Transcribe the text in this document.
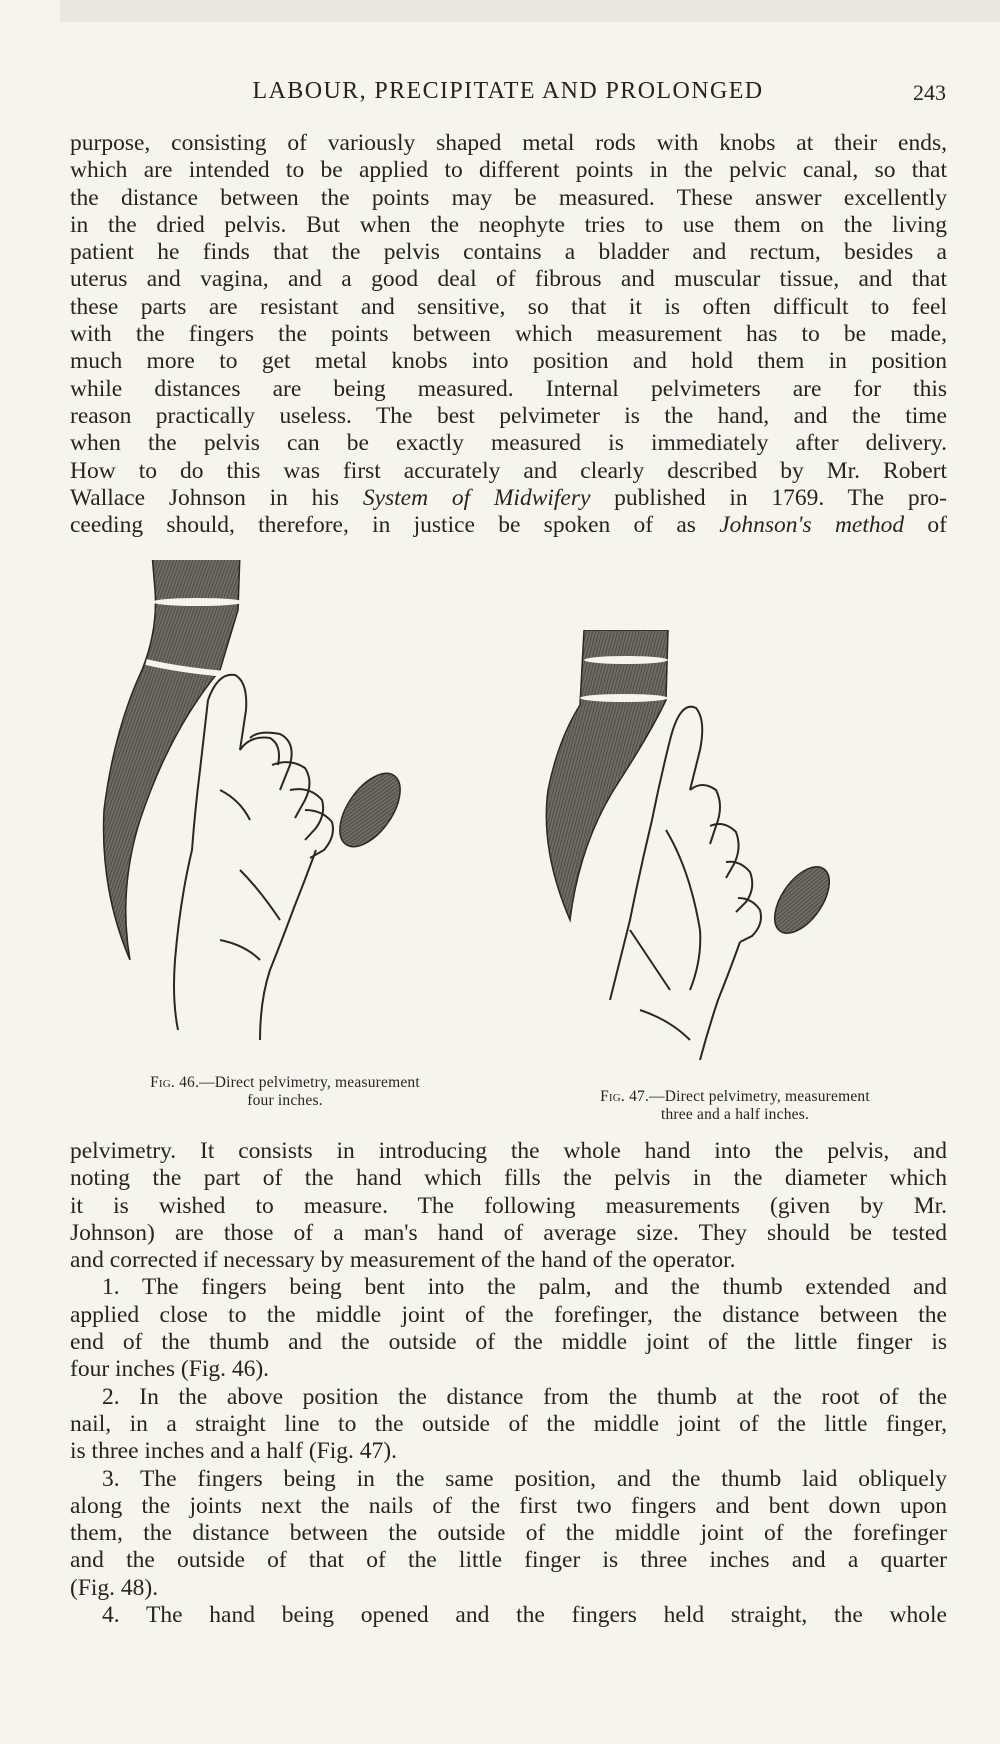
LABOUR, PRECIPITATE AND PROLONGED	243
purpose, consisting of variously shaped metal rods with knobs at their ends,
which are intended to be applied to different points in the pelvic canal, so that
the distance between the points may be measured. These answer excellently
in the dried pelvis. But when the neophyte tries to use them on the living
patient he finds that the pelvis contains a bladder and rectum, besides a
uterus and vagina, and a good deal of fibrous and muscular tissue, and that
these parts are resistant and sensitive, so that it is often difficult to feel
with the fingers the points between which measurement has to be made,
much more to get metal knobs into position and hold them in position
while distances are being measured. Internal pelvimeters are for this
reason practically useless. The best pelvimeter is the hand, and the time
when the pelvis can be exactly measured is immediately after delivery.
How to do this was first accurately and clearly described by Mr. Robert
Wallace Johnson in his System of Midwifery published in 1769. The pro-
ceeding should, therefore, in justice be spoken of as Johnson's method of
Fig. 46.—Direct pelvimetry, measurement
four inches.	Fig. 47.—Direct pelvimetry, measurement
three and a half inches.
pelvimetry. It consists in introducing the whole hand into the pelvis, and
noting the part of the hand which fills the pelvis in the diameter which
it is wished to measure. The following measurements (given by Mr.
Johnson) are those of a man's hand of average size. They should be tested
and corrected if necessary by measurement of the hand of the operator.
1. The fingers being bent into the palm, and the thumb extended and
applied close to the middle joint of the forefinger, the distance between the
end of the thumb and the outside of the middle joint of the little finger is
four inches (Fig. 46).
2. In the above position the distance from the thumb at the root of the
nail, in a straight line to the outside of the middle joint of the little finger,
is three inches and a half (Fig. 47).
3. The fingers being in the same position, and the thumb laid obliquely
along the joints next the nails of the first two fingers and bent down upon
them, the distance between the outside of the middle joint of the forefinger
and the outside of that of the little finger is three inches and a quarter
(Fig. 48).
4. The hand being opened and the fingers held straight, the whole
